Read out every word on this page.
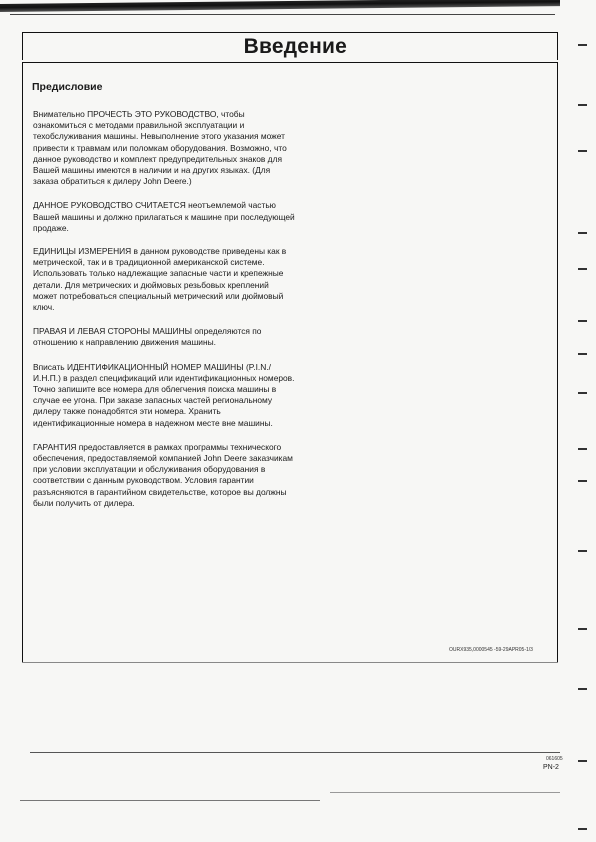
Введение
Предисловие

Внимательно ПРОЧЕСТЬ ЭТО РУКОВОДСТВО, чтобы ознакомиться с методами правильной эксплуатации и техобслуживания машины. Невыполнение этого указания может привести к травмам или поломкам оборудования. Возможно, что данное руководство и комплект предупредительных знаков для Вашей машины имеются в наличии и на других языках. (Для заказа обратиться к дилеру John Deere.)

ДАННОЕ РУКОВОДСТВО СЧИТАЕТСЯ неотъемлемой частью Вашей машины и должно прилагаться к машине при последующей продаже.

ЕДИНИЦЫ ИЗМЕРЕНИЯ в данном руководстве приведены как в метрической, так и в традиционной американской системе. Использовать только надлежащие запасные части и крепежные детали. Для метрических и дюймовых резьбовых креплений может потребоваться специальный метрический или дюймовый ключ.

ПРАВАЯ И ЛЕВАЯ СТОРОНЫ МАШИНЫ определяются по отношению к направлению движения машины.

Вписать ИДЕНТИФИКАЦИОННЫЙ НОМЕР МАШИНЫ (P.I.N./И.Н.П.) в раздел спецификаций или идентификационных номеров. Точно запишите все номера для облегчения поиска машины в случае ее угона. При заказе запасных частей региональному дилеру также понадобятся эти номера. Хранить идентификационные номера в надежном месте вне машины.

ГАРАНТИЯ предоставляется в рамках программы технического обеспечения, предоставляемой компанией John Deere заказчикам при условии эксплуатации и обслуживания оборудования в соответствии с данным руководством. Условия гарантии разъясняются в гарантийном свидетельстве, которое вы должны были получить от дилера.

OURX935,0000545 -59-29APR05-1/3
061605
PN-2
